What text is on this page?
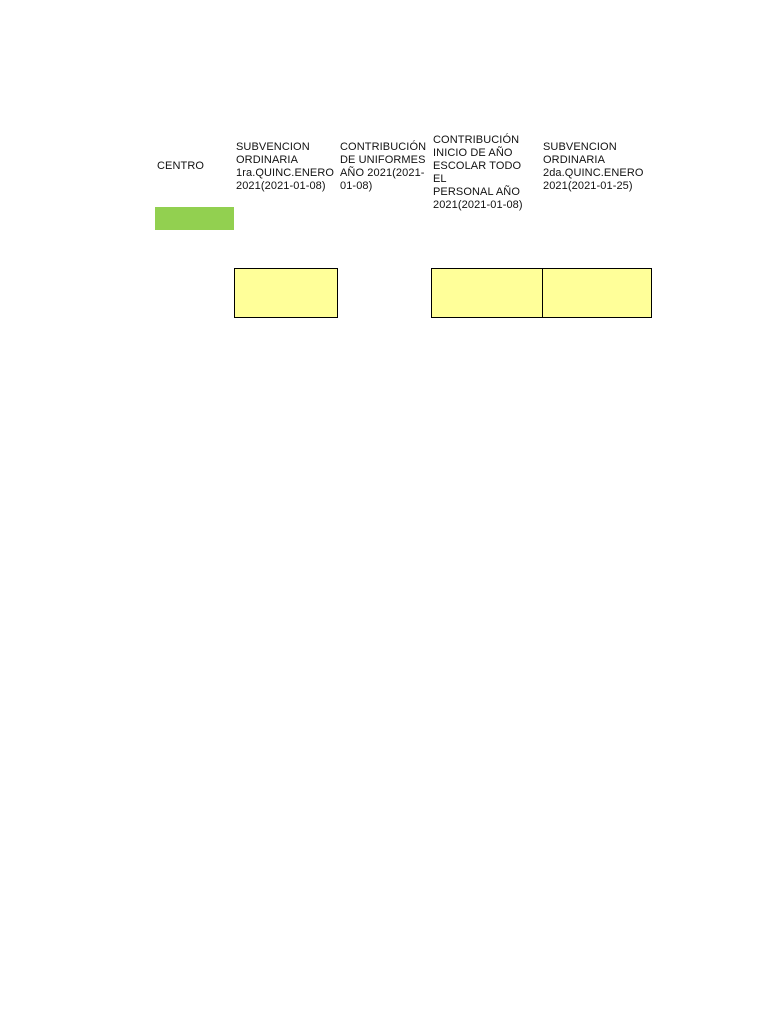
CENTRO
SUBVENCION
ORDINARIA
1ra.QUINC.ENERO
2021(2021-01-08)
CONTRIBUCIÓN
DE UNIFORMES
AÑO 2021(2021-
01-08)
CONTRIBUCIÓN
INICIO DE AÑO
ESCOLAR TODO EL
PERSONAL AÑO
2021(2021-01-08)
SUBVENCION
ORDINARIA
2da.QUINC.ENERO
2021(2021-01-25)
